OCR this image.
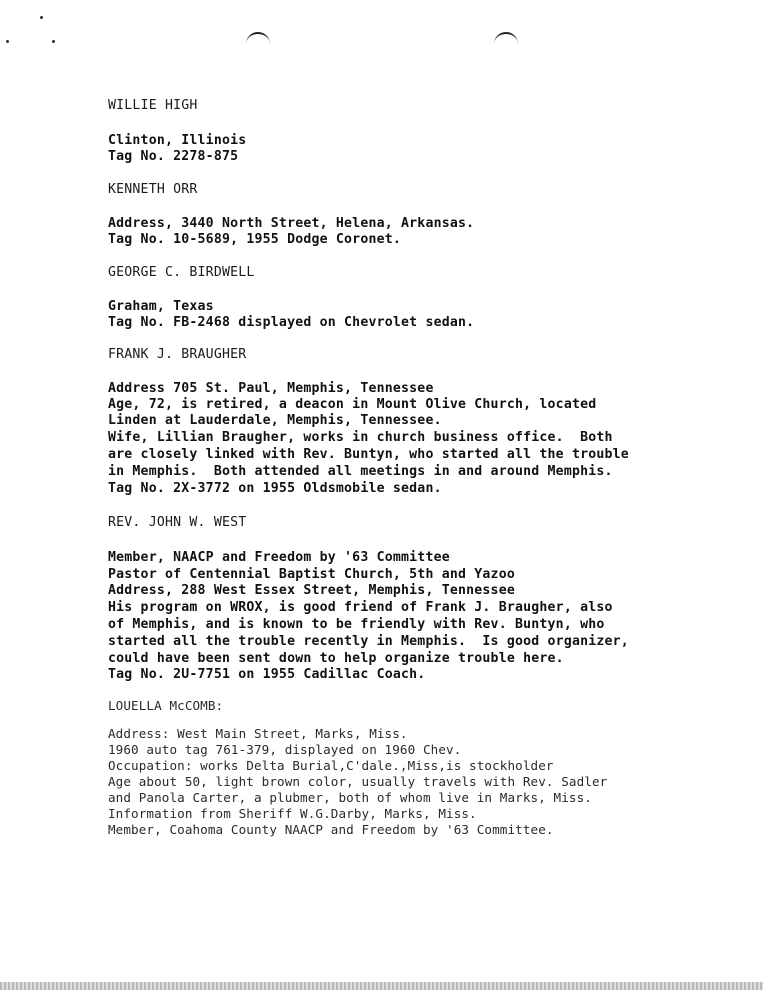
WILLIE HIGH
Clinton, Illinois
Tag No. 2278-875
KENNETH ORR
Address, 3440 North Street, Helena, Arkansas.
Tag No. 10-5689, 1955 Dodge Coronet.
GEORGE C. BIRDWELL
Graham, Texas
Tag No. FB-2468 displayed on Chevrolet sedan.
FRANK J. BRAUGHER
Address 705 St. Paul, Memphis, Tennessee
Age, 72, is retired, a deacon in Mount Olive Church, located
Linden at Lauderdale, Memphis, Tennessee.
Wife, Lillian Braugher, works in church business office.  Both
are closely linked with Rev. Buntyn, who started all the trouble
in Memphis.  Both attended all meetings in and around Memphis.
Tag No. 2X-3772 on 1955 Oldsmobile sedan.
REV. JOHN W. WEST
Member, NAACP and Freedom by '63 Committee
Pastor of Centennial Baptist Church, 5th and Yazoo
Address, 288 West Essex Street, Memphis, Tennessee
His program on WROX, is good friend of Frank J. Braugher, also
of Memphis, and is known to be friendly with Rev. Buntyn, who
started all the trouble recently in Memphis.  Is good organizer,
could have been sent down to help organize trouble here.
Tag No. 2U-7751 on 1955 Cadillac Coach.
LOUELLA McCOMB:
Address: West Main Street, Marks, Miss.
1960 auto tag 761-379, displayed on 1960 Chev.
Occupation: works Delta Burial,C'dale.,Miss,is stockholder
Age about 50, light brown color, usually travels with Rev. Sadler
and Panola Carter, a plubmer, both of whom live in Marks, Miss.
Information from Sheriff W.G.Darby, Marks, Miss.
Member, Coahoma County NAACP and Freedom by '63 Committee.
